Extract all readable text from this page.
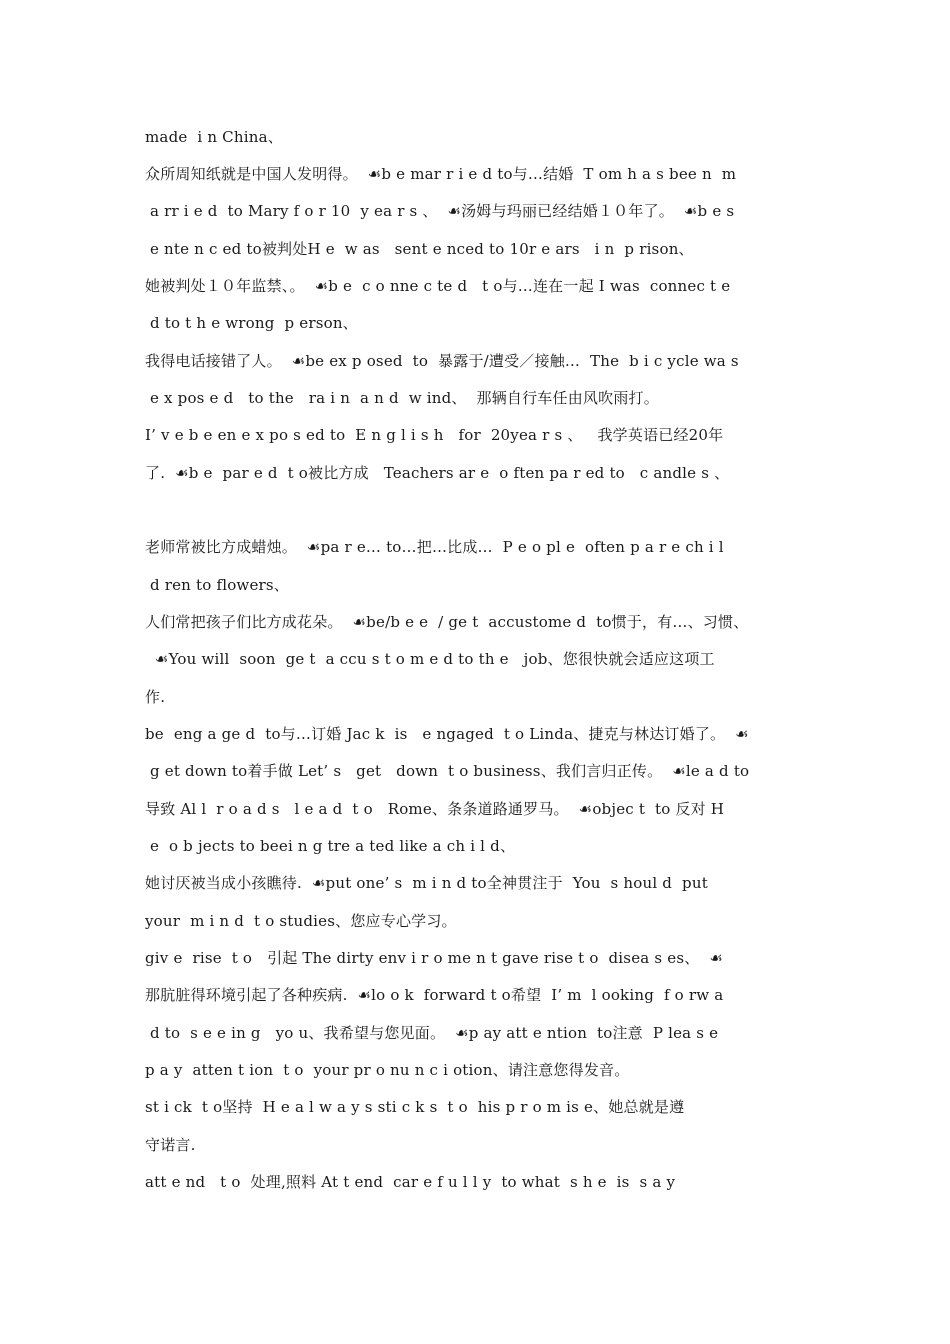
made  i n China、
众所周知纸就是中国人发明得。  ☙b e mar r i e d to与…结婚  T om h a s bee n  m
a rr i e d  to Mary f o r 10  y ea r s 、  ☙汤姆与玛丽已经结婚１０年了。  ☙b e s
e nte n c ed to被判处H e  w as   sent e nced to 10r e ars   i n  p rison、
她被判处１０年监禁、。  ☙b e  c o nne c te d   t o与…连在一起 I was  connec t e
d to t h e wrong  p erson、
我得电话接错了人。  ☙be ex p osed  to  暴露于/遭受／接触…  The  b i c ycle wa s
e x pos e d   to the   ra i n  a n d  w ind、  那辆自行车任由风吹雨打。
I’ v e b e en e x po s ed to  E n g l i s h   for  20yea r s 、   我学英语已经20年
了.  ☙b e  par e d  t o被比方成   Teachers ar e  o ften pa r ed to   c andle s 、
老师常被比方成蜡烛。  ☙pa r e… to…把…比成…  P e o pl e  often p a r e ch i l
d ren to flowers、
人们常把孩子们比方成花朵。  ☙be/b e e  / ge t  accustome d  to惯于，有…、习惯、
☙You will  soon  ge t  a ccu s t o m e d to th e   job、您很快就会适应这项工
作.
be  eng a ge d  to与…订婚 Jac k  is   e ngaged  t o Linda、捷克与林达订婚了。  ☙
g et down to着手做 Let’ s   get   down  t o business、我们言归正传。  ☙le a d to
导致 Al l  r o a d s   l e a d  t o   Rome、条条道路通罗马。  ☙objec t  to 反对 H
e  o b jects to beei n g tre a ted like a ch i l d、
她讨厌被当成小孩瞧待.  ☙put one’ s  m i n d to全神贯注于  You  s houl d  put
your  m i n d  t o studies、您应专心学习。
giv e  rise  t o   引起 The dirty env i r o me n t gave rise t o  disea s es、  ☙
那肮脏得环境引起了各种疾病.  ☙lo o k  forward t o希望  I’ m  l ooking  f o rw a
d to  s e e in g   yo u、我希望与您见面。  ☙p ay att e ntion  to注意  P lea s e
p a y  atten t ion  t o  your pr o nu n c i otion、请注意您得发音。
st i ck  t o坚持  H e a l w a y s sti c k s  t o  his p r o m is e、她总就是遵
守诺言.
att e nd   t o  处理,照料 At t end  car e f u l l y  to what  s h e  is  s a y
